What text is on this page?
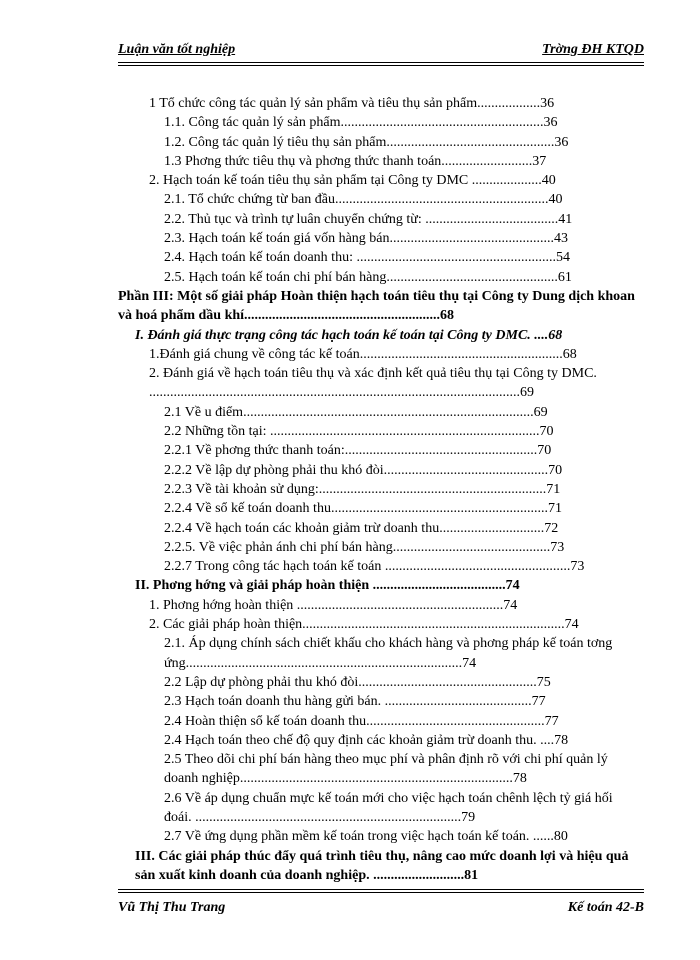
Luận văn tốt nghiệp	Trờng ĐH KTQD
1 Tổ chức công tác quản lý sản phẩm và tiêu thụ sản phẩm..................36
1.1. Công tác quản lý sản phẩm..........................................................36
1.2. Công tác quản lý tiêu thụ sản phẩm................................................36
1.3 Phơng thức tiêu thụ và phơng thức thanh toán..........................37
2. Hạch toán kế toán tiêu thụ sản phẩm tại Công ty DMC ....................40
2.1. Tổ chức chứng từ ban đầu.............................................................40
2.2. Thủ tục và trình tự luân chuyển chứng từ: ......................................41
2.3. Hạch toán kế toán giá vốn hàng bán...............................................43
2.4. Hạch toán kế toán doanh thu: .........................................................54
2.5. Hạch toán kế toán chi phí bán hàng.................................................61
Phần III: Một số giải pháp Hoàn thiện hạch toán tiêu thụ tại Công ty Dung dịch khoan và hoá phẩm dầu khí........................................................68
I. Đánh giá thực trạng công tác hạch toán kế toán tại Công ty DMC. ....68
1.Đánh giá chung về công tác kế toán..........................................................68
2. Đánh giá về hạch toán tiêu thụ và xác định kết quả tiêu thụ tại Công ty DMC. ..........................................................................................................69
2.1 Về u điểm...................................................................................69
2.2 Những tồn tại: .............................................................................70
2.2.1 Về phơng thức thanh toán:.......................................................70
2.2.2 Về lập dự phòng phải thu khó đòi...............................................70
2.2.3 Về tài khoản sử dụng:.................................................................71
2.2.4 Về sổ kế toán doanh thu..............................................................71
2.2.4 Về hạch toán các khoản giảm trừ doanh thu..............................72
2.2.5. Về việc phản ánh chi phí bán hàng.............................................73
2.2.7 Trong công tác hạch toán kế toán .....................................................73
II. Phơng hớng và giải pháp hoàn thiện ......................................74
1. Phơng hớng hoàn thiện ...........................................................74
2. Các giải pháp hoàn thiện...........................................................................74
2.1. Áp dụng chính sách chiết khấu cho khách hàng và phơng pháp kế toán tơng ứng...............................................................................74
2.2 Lập dự phòng phải thu khó đòi...................................................75
2.3 Hạch toán doanh thu hàng gửi bán. ..........................................77
2.4 Hoàn thiện sổ kế toán doanh thu...................................................77
2.4 Hạch toán theo chế độ quy định các khoản giảm trừ doanh thu. ....78
2.5 Theo dõi chi phí bán hàng theo mục phí và phân định rõ với chi phí quản lý doanh nghiệp..............................................................................78
2.6 Về áp dụng chuẩn mực kế toán mới cho việc hạch toán chênh lệch tỷ giá hối đoái. ............................................................................79
2.7 Về ứng dụng phần mềm kế toán trong việc hạch toán kế toán. ......80
III. Các giải pháp thúc đẩy quá trình tiêu thụ, nâng cao mức doanh lợi và hiệu quả sản xuất kinh doanh của doanh nghiệp. ..........................81
Vũ Thị Thu Trang	Kế toán 42-B
